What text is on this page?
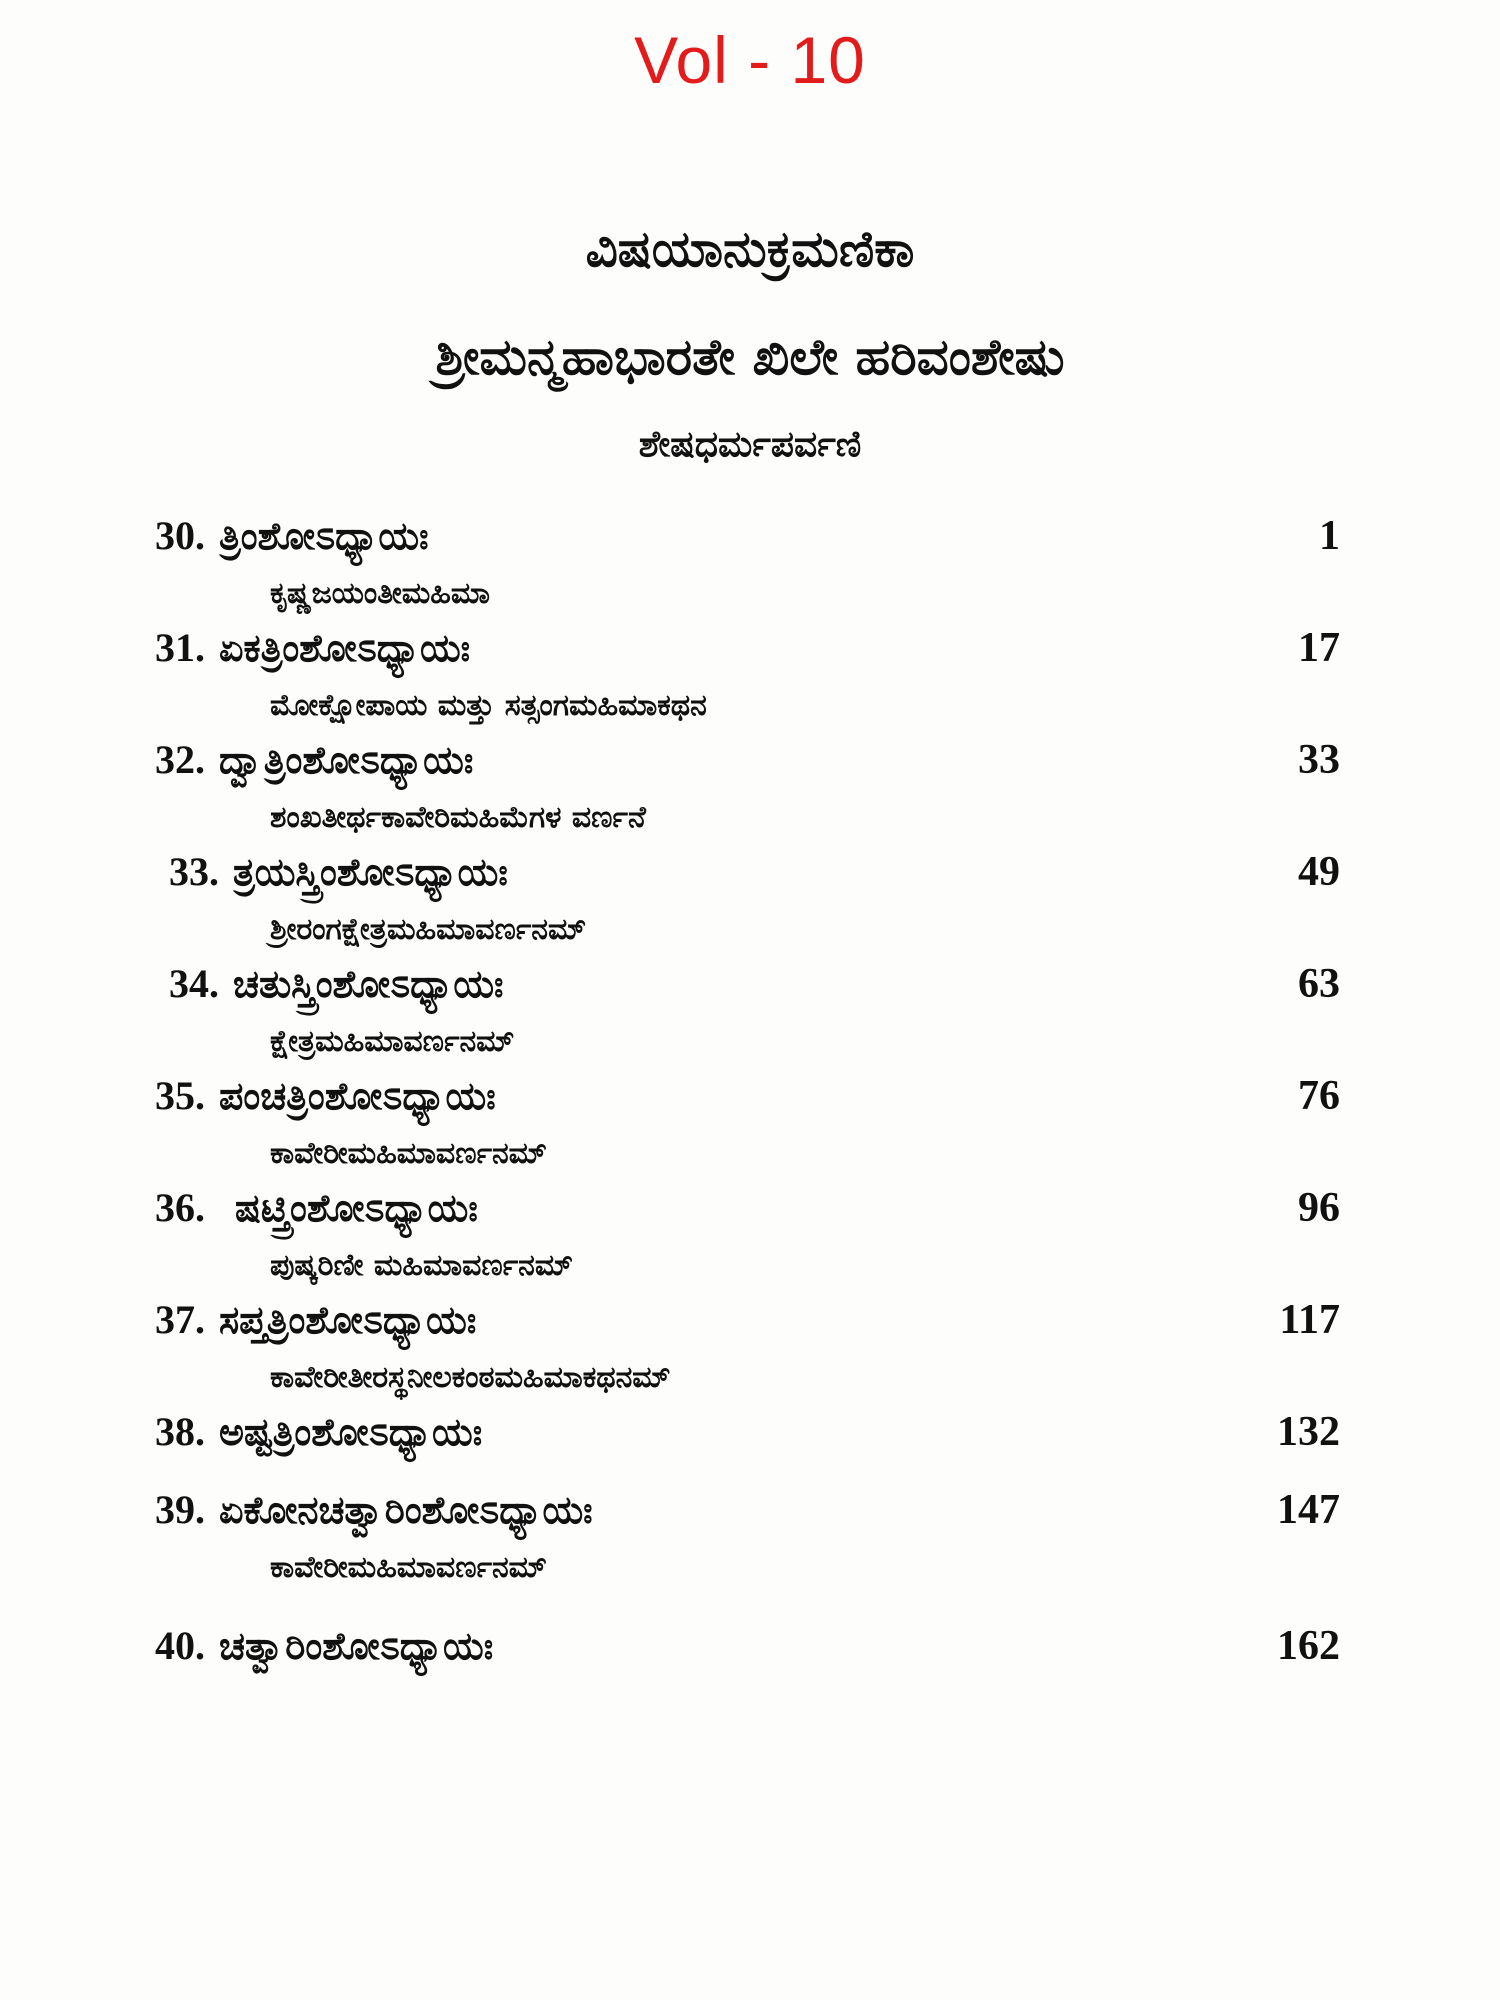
Vol - 10
ವಿಷಯಾನುಕ್ರಮಣಿಕಾ
ಶ್ರೀಮನ್ಮಹಾಭಾರತೇ ಖಿಲೇ ಹರಿವಂಶೇಷು
ಶೇಷಧರ್ಮಪರ್ವಣಿ
30. ತ್ರಿಂಶೋಽಧ್ಯಾಯಃ	1
ಕೃಷ್ಣಜಯಂತೀಮಹಿಮಾ
31. ಏಕತ್ರಿಂಶೋಽಧ್ಯಾಯಃ	17
ಮೋಕ್ಷೋಪಾಯ ಮತ್ತು ಸತ್ಸಂಗಮಹಿಮಾಕಥನ
32. ದ್ವಾತ್ರಿಂಶೋಽಧ್ಯಾಯಃ	33
ಶಂಖತೀರ್ಥಕಾವೇರಿಮಹಿಮೆಗಳ ವರ್ಣನೆ
33. ತ್ರಯಸ್ತ್ರಿಂಶೋಽಧ್ಯಾಯಃ	49
ಶ್ರೀರಂಗಕ್ಷೇತ್ರಮಹಿಮಾವರ್ಣನಮ್
34. ಚತುಸ್ತ್ರಿಂಶೋಽಧ್ಯಾಯಃ	63
ಕ್ಷೇತ್ರಮಹಿಮಾವರ್ಣನಮ್
35. ಪಂಚತ್ರಿಂಶೋಽಧ್ಯಾಯಃ	76
ಕಾವೇರೀಮಹಿಮಾವರ್ಣನಮ್
36. ಷಟ್ತ್ರಿಂಶೋಽಧ್ಯಾಯಃ	96
ಪುಷ್ಕರಿಣೀ ಮಹಿಮಾವರ್ಣನಮ್
37. ಸಪ್ತತ್ರಿಂಶೋಽಧ್ಯಾಯಃ	117
ಕಾವೇರೀತೀರಸ್ಥನೀಲಕಂಠಮಹಿಮಾಕಥನಮ್
38. ಅಷ್ಟತ್ರಿಂಶೋಽಧ್ಯಾಯಃ	132
39. ಏಕೋನಚತ್ವಾರಿಂಶೋಽಧ್ಯಾಯಃ	147
ಕಾವೇರೀಮಹಿಮಾವರ್ಣನಮ್
40. ಚತ್ವಾರಿಂಶೋಽಧ್ಯಾಯಃ	162
